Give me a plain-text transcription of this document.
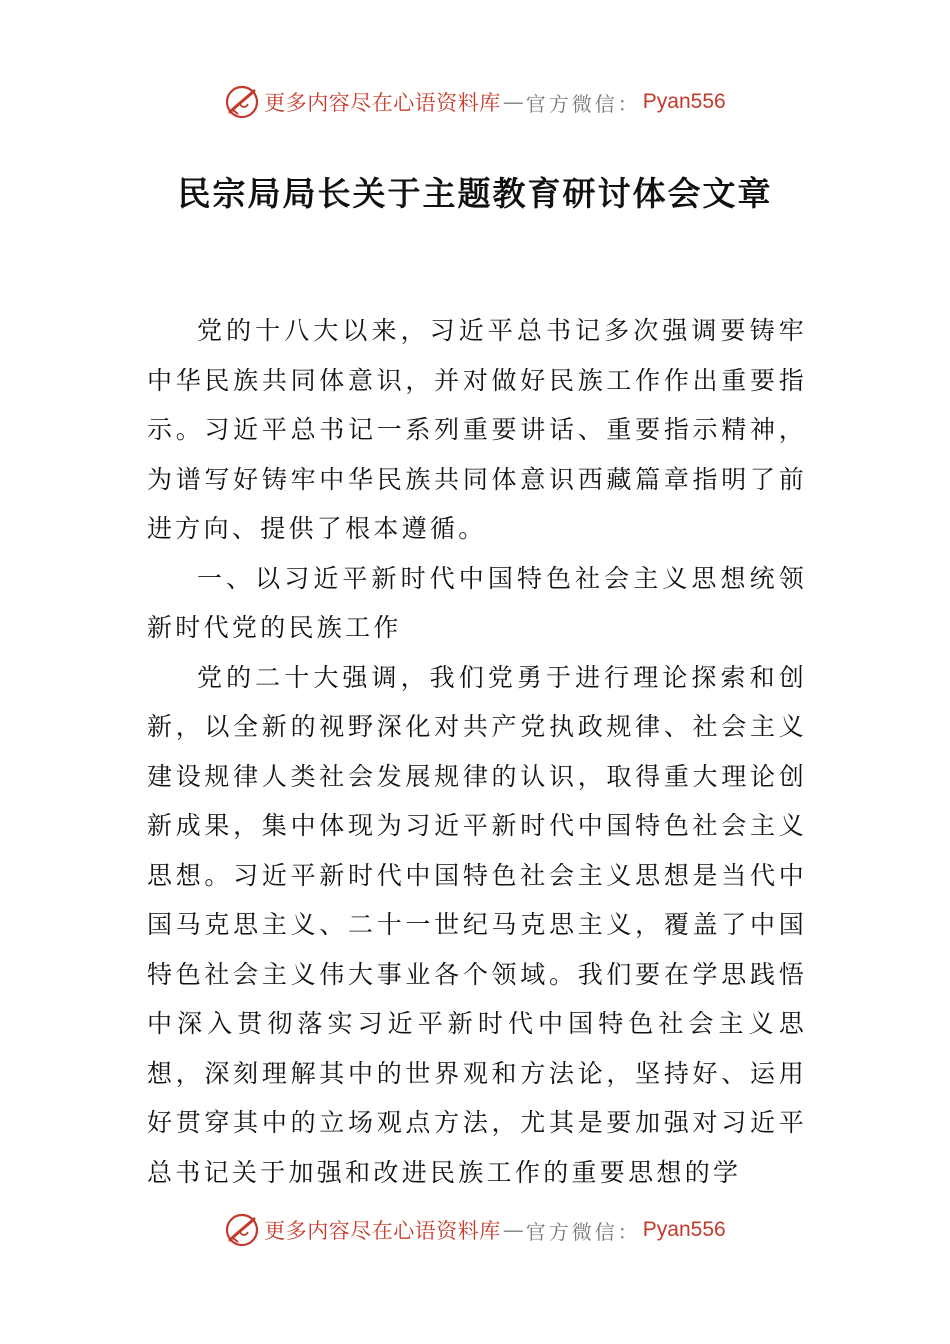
更多内容尽在心语资料库 — 官方微信： Pyan556
民宗局局长关于主题教育研讨体会文章

党的十八大以来，习近平总书记多次强调要铸牢中华民族共同体意识，并对做好民族工作作出重要指示。习近平总书记一系列重要讲话、重要指示精神，为谱写好铸牢中华民族共同体意识西藏篇章指明了前进方向、提供了根本遵循。

一、以习近平新时代中国特色社会主义思想统领新时代党的民族工作

党的二十大强调，我们党勇于进行理论探索和创新，以全新的视野深化对共产党执政规律、社会主义建设规律人类社会发展规律的认识，取得重大理论创新成果，集中体现为习近平新时代中国特色社会主义思想。习近平新时代中国特色社会主义思想是当代中国马克思主义、二十一世纪马克思主义，覆盖了中国特色社会主义伟大事业各个领域。我们要在学思践悟中深入贯彻落实习近平新时代中国特色社会主义思想，深刻理解其中的世界观和方法论，坚持好、运用好贯穿其中的立场观点方法，尤其是要加强对习近平总书记关于加强和改进民族工作的重要思想的学

更多内容尽在心语资料库 — 官方微信： Pyan556
